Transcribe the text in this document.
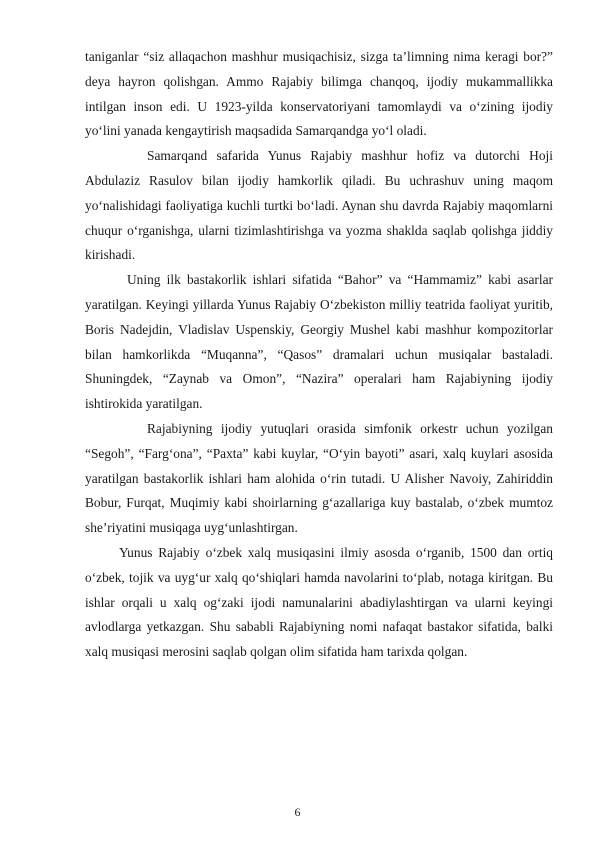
taniganlar “siz allaqachon mashhur musiqachisiz, sizga ta’limning nima keragi bor?” deya hayron qolishgan. Ammo Rajabiy bilimga chanqoq, ijodiy mukammallikka intilgan inson edi. U 1923-yilda konservatoriyani tamomlaydi va o‘zining ijodiy yo‘lini yanada kengaytirish maqsadida Samarqandga yo‘l oladi.

Samarqand safarida Yunus Rajabiy mashhur hofiz va dutorchi Hoji Abdulaziz Rasulov bilan ijodiy hamkorlik qiladi. Bu uchrashuv uning maqom yo‘nalishidagi faoliyatiga kuchli turtki bo‘ladi. Aynan shu davrda Rajabiy maqomlarni chuqur o‘rganishga, ularni tizimlashtirishga va yozma shaklda saqlab qolishga jiddiy kirishadi.

Uning ilk bastakorlik ishlari sifatida “Bahor” va “Hammamiz” kabi asarlar yaratilgan. Keyingi yillarda Yunus Rajabiy O‘zbekiston milliy teatrida faoliyat yuritib, Boris Nadejdin, Vladislav Uspenskiy, Georgiy Mushel kabi mashhur kompozitorlar bilan hamkorlikda “Muqanna”, “Qasos” dramalari uchun musiqalar bastaladi. Shuningdek, “Zaynab va Omon”, “Nazira” operalari ham Rajabiyning ijodiy ishtirokida yaratilgan.

Rajabiyning ijodiy yutuqlari orasida simfonik orkestr uchun yozilgan “Segoh”, “Farg‘ona”, “Paxta” kabi kuylar, “O‘yin bayoti” asari, xalq kuylari asosida yaratilgan bastakorlik ishlari ham alohida o‘rin tutadi. U Alisher Navoiy, Zahiriddin Bobur, Furqat, Muqimiy kabi shoirlarning g‘azallariga kuy bastalab, o‘zbek mumtoz she’riyatini musiqaga uyg‘unlashtirgan.

Yunus Rajabiy o‘zbek xalq musiqasini ilmiy asosda o‘rganib, 1500 dan ortiq o‘zbek, tojik va uyg‘ur xalq qo‘shiqlari hamda navolarini to‘plab, notaga kiritgan. Bu ishlar orqali u xalq og‘zaki ijodi namunalarini abadiylashtirgan va ularni keyingi avlodlarga yetkazgan. Shu sababli Rajabiyning nomi nafaqat bastakor sifatida, balki xalq musiqasi merosini saqlab qolgan olim sifatida ham tarixda qolgan.

6
